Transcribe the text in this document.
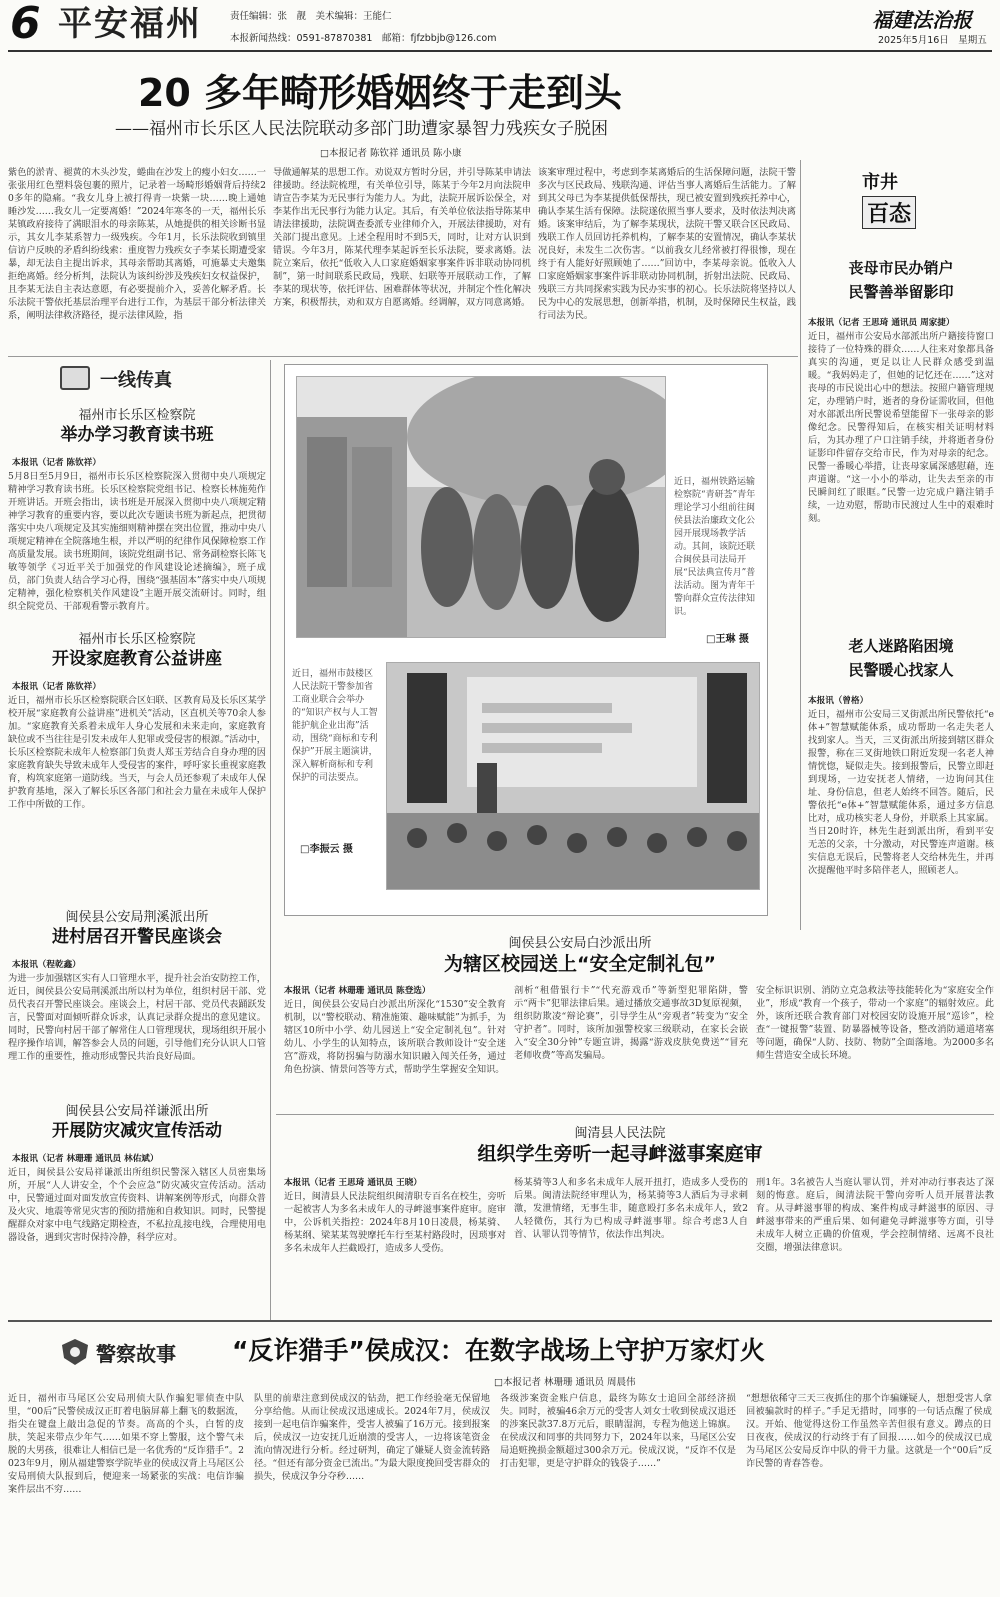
6 平安福州	责任编辑：张　靓　美术编辑：王能仁
本报新闻热线：0591-87870381　邮箱：fjfzbbjb@126.com
福建法治报
2025年5月16日　星期五
20 多年畸形婚姻终于走到头
——福州市长乐区人民法院联动多部门助遭家暴智力残疾女子脱困
□本报记者 陈钦祥 通讯员 陈小康
紫色的淤青、褪黄的木头沙发，蜷曲在沙发上的瘦小妇女……一张张用红色塑料袋包裹的照片，记录着一场畸形婚姻背后持续20多年的隐痛。“我女儿身上被打得青一块紫一块……晚上通她睡沙发……我女儿一定要离婚！”2024年寒冬的一天，福州长乐某镇政府接待了满眼泪水的母亲陈某，从她提供的相关诊断书显示，其女儿李某系智力一级残疾。今年1月，长乐法院收到镇里信访户反映的矛盾纠纷线索：重度智力残疾女子李某长期遭受家暴，却无法自主提出诉求，其母亲帮助其离婚，可施暴丈夫邀集拒绝离婚。经分析判，法院认为该纠纷涉及残疾妇女权益保护，且李某无法自主表达意愿，有必要提前介入，妥善化解矛盾。长乐法院干警依托基层治理平台进行工作，为基层干部分析法律关系，阐明法律救济路径，提示法律风险，指
导做通解某的思想工作。劝说双方暂时分居，并引导陈某申请法律援助。经法院梳理，有关单位引导，陈某于今年2月向法院申请宣告李某为无民事行为能力人。为此，法院开展诉讼保全，对李某作出无民事行为能力认定。其后，有关单位依法指导陈某申请法律援助，法院调查委派专业律师介入，开展法律援助，对有关部门提出意见。上述全程用时不到5天，同时，让对方认识到错误。今年3月，陈某代理李某起诉至长乐法院，要求离婚。法院立案后，依托“低收入人口家庭婚姻家事案件诉非联动协同机制”，第一时间联系民政局，残联、妇联等开展联动工作，了解李某的现状等，依托评估、困难群体等状况，并制定个性化解决方案，积极帮扶，劝和双方自愿离婚。经调解，双方同意离婚。
该案审理过程中，考虑到李某离婚后的生活保障问题，法院干警多次与区民政局、残联沟通、评估当事人离婚后生活能力。了解到其父母已为李某提供低保帮扶，现已被安置到残疾托养中心，确认李某生活有保障。法院遂依照当事人要求，及时依法判决离婚。该案审结后，为了解李某现状，法院干警又联合区民政局、残联工作人员回访托养机构，了解李某的安置情况，确认李某状况良好，未发生二次伤害。“以前我女儿经常被打得很惨，现在终于有人能好好照顾她了……”回访中，李某母亲说。低收入人口家庭婚姻家事案件诉非联动协同机制，折射出法院、民政局、残联三方共同探索实践为民办实事的初心。长乐法院将坚持以人民为中心的发展思想，创新举措，机制，及时保障民生权益，践行司法为民。
市井
百态
丧母市民办销户
民警善举留影印
本报讯（记者 王思琦 通讯员 周家捷）
近日，福州市公安局水部派出所户籍接待窗口接待了一位特殊的群众……人往来对象都具备真实的沟通，更足以让人民群众感受到温暖。“我妈妈走了，但她的记忆还在……”这对丧母的市民说出心中的想法。按照户籍管理规定，办理销户时，逝者的身份证需收回，但他对水部派出所民警说希望能留下一张母亲的影像纪念。民警得知后，在核实相关证明材料后，为其办理了户口注销手续，并将逝者身份证影印件留存交给市民，作为对母亲的纪念。民警一番暖心举措，让丧母家属深感慰藉，连声道谢。“这一小小的举动，让失去至亲的市民瞬间红了眼眶。”民警一边完成户籍注销手续，一边劝慰，帮助市民渡过人生中的艰难时刻。
老人迷路陷困境
民警暖心找家人
本报讯（曾格）
近日，福州市公安局三叉街派出所民警依托“e体+”智慧赋能体系，成功帮助一名走失老人找到家人。当天，三叉街派出所接到辖区群众报警，称在三叉街地铁口附近发现一名老人神情恍惚，疑似走失。接到报警后，民警立即赶到现场，一边安抚老人情绪，一边询问其住址、身份信息，但老人始终不回答。随后，民警依托“e体+”智慧赋能体系，通过多方信息比对，成功核实老人身份，并联系上其家属。当日20时许，林先生赶到派出所，看到平安无恙的父亲，十分激动，对民警连声道谢。核实信息无误后，民警将老人交给林先生，并再次提醒他平时多陪伴老人，照顾老人。
一线传真
福州市长乐区检察院
举办学习教育读书班
本报讯（记者 陈钦祥）
5月8日至5月9日，福州市长乐区检察院深入贯彻中央八项规定精神学习教育读书班。长乐区检察院党组书记、检察长林施苑作开班讲话。开班会指出，读书班是开展深入贯彻中央八项规定精神学习教育的重要内容，要以此次专题读书班为新起点，把贯彻落实中央八项规定及其实施细则精神摆在突出位置，推动中央八项规定精神在全院落地生根，并以严明的纪律作风保障检察工作高质量发展。读书班期间，该院党组副书记、常务副检察长陈飞敏等领学《习近平关于加强党的作风建设论述摘编》，班子成员，部门负责人结合学习心得，围绕“强基固本”落实中央八项规定精神，强化检察机关作风建设”主题开展交流研讨。同时，组织全院党员、干部观看警示教育片。
福州市长乐区检察院
开设家庭教育公益讲座
本报讯（记者 陈钦祥）
近日，福州市长乐区检察院联合区妇联、区教育局及长乐区某学校开展“家庭教育公益讲座”进机关”活动，区直机关等70余人参加。“家庭教育关系着未成年人身心发展和未来走向，家庭教育缺位或不当往往是引发未成年人犯罪或受侵害的根源。”活动中，长乐区检察院未成年人检察部门负责人郑玉芳结合自身办理的因家庭教育缺失导致未成年人受侵害的案件，呼吁家长重视家庭教育，构筑家庭第一道防线。当天，与会人员还参观了未成年人保护教育基地，深入了解长乐区各部门和社会力量在未成年人保护工作中所做的工作。
闽侯县公安局荆溪派出所
进村居召开警民座谈会
本报讯（程乾鑫）
为进一步加强辖区实有人口管理水平，提升社会治安防控工作，近日，闽侯县公安局荆溪派出所以村为单位，组织村居干部、党员代表召开警民座谈会。座谈会上，村居干部、党员代表踊跃发言，民警面对面倾听群众诉求，认真记录群众提出的意见建议。同时，民警向村居干部了解常住人口管理现状，现场组织开展小程序操作培训，解答参会人员的问题，引导他们充分认识人口管理工作的重要性，推动形成警民共治良好局面。
闽侯县公安局祥谦派出所
开展防灾减灾宣传活动
本报讯（记者 林珊珊 通讯员 林佑斌）
近日，闽侯县公安局祥谦派出所组织民警深入辖区人员密集场所，开展“人人讲安全，个个会应急”防灾减灾宣传活动。活动中，民警通过面对面发放宣传资料、讲解案例等形式，向群众普及火灾、地震等常见灾害的预防措施和自救知识。同时，民警提醒群众对家中电气线路定期检查，不私拉乱接电线，合理使用电器设备，遇到灾害时保持冷静，科学应对。
近日，福州铁路运输检察院“青研荟”青年理论学习小组前往闽侯县法治廉政文化公园开展现场教学活动。其间，该院还联合闽侯县司法局开展“民法典宣传月”普法活动。图为青年干警向群众宣传法律知识。
□王琳 摄
近日，福州市鼓楼区人民法院干警参加省工商业联合会举办的“知识产权与人工智能护航企业出海”活动，围绕“商标和专利保护”开展主题演讲，深入解析商标和专利保护的司法要点。
□李振云 摄
闽侯县公安局白沙派出所
为辖区校园送上“安全定制礼包”
本报讯（记者 林珊珊 通讯员 陈登选）
近日，闽侯县公安局白沙派出所深化“1530”安全教育机制，以“警校联动、精准施策、趣味赋能”为抓手，为辖区10所中小学、幼儿园送上“安全定制礼包”。针对幼儿、小学生的认知特点，该所联合教师设计“安全迷宫”游戏，将防拐骗与防溺水知识融入闯关任务，通过角色扮演、情景问答等方式，帮助学生掌握安全知识。
剖析“租借银行卡”“代充游戏币”等新型犯罪陷阱，警示“两卡”犯罪法律后果。通过播放交通事故3D复原视频，组织防欺凌“辩论赛”，引导学生从“旁观者”转变为“安全守护者”。同时，该所加强警校家三级联动，在家长会嵌入“安全30分钟”专题宣讲，揭露“游戏皮肤免费送”“冒充老师收费”等高发骗局。
安全标识识别、消防立克急救法等技能转化为“家庭安全作业”，形成“教育一个孩子，带动一个家庭”的辐射效应。此外，该所还联合教育部门对校园安防设施开展“巡诊”，检查“一键报警”装置、防暴器械等设备，整改消防通道堵塞等问题，确保“人防、技防、物防”全面落地。为2000多名师生营造安全成长环境。
闽清县人民法院
组织学生旁听一起寻衅滋事案庭审
本报讯（记者 王思琦 通讯员 王晓）
近日，闽清县人民法院组织闽清职专百名在校生，旁听一起被害人为多名未成年人的寻衅滋事案件庭审。庭审中，公诉机关指控：2024年8月10日凌晨，杨某骑、杨某纲、梁某某驾驶摩托车行至某村路段时，因琐事对多名未成年人拦截殴打，造成多人受伤。
杨某骑等3人和多名未成年人展开扭打，造成多人受伤的后果。闽清法院经审理认为，杨某骑等3人酒后为寻求刺激，发泄情绪，无事生非，随意殴打多名未成年人，致2人轻微伤，其行为已构成寻衅滋事罪。综合考虑3人自首、认罪认罚等情节，依法作出判决。
刑1年。3名被告人当庭认罪认罚，并对冲动行事表达了深刻的悔意。庭后，闽清法院干警向旁听人员开展普法教育。从寻衅滋事罪的构成、案件构成寻衅滋事的原因、寻衅滋事带来的严重后果、如何避免寻衅滋事等方面，引导未成年人树立正确的价值观，学会控制情绪、远离不良社交圈，增强法律意识。
警察故事 “反诈猎手”侯成汉：在数字战场上守护万家灯火
□本报记者 林珊珊 通讯员 周晨伟
近日，福州市马尾区公安局刑侦大队作骗犯罪侦查中队里，“00后”民警侯成汉正盯着电脑屏幕上翻飞的数据流，指尖在键盘上敲出急促的节奏。高高的个头，白皙的皮肤，笑起来带点少年气……如果不穿上警服，这个警气未脱的大男孩，很难让人相信已是一名优秀的“反诈猎手”。2023年9月，刚从福建警察学院毕业的侯成汉背上马尾区公安局刑侦大队报到后，便迎来一场紧张的实战：电信诈骗案件层出不穷……
队里的前辈注意到侯成汉的钻劲，把工作经验毫无保留地分享给他。从而让侯成汉迅速成长。2024年7月，侯成汉接到一起电信诈骗案件，受害人被骗了16万元。接到报案后，侯成汉一边安抚几近崩溃的受害人，一边将该笔资金流向情况进行分析。经过研判，确定了嫌疑人资金流转路径。“但还有部分资金已流出。”为最大限度挽回受害群众的损失，侯成汉争分夺秒……
各级涉案资金账户信息，最终为陈女士追回全部经济损失。同时，被骗46余万元的受害人刘女士收到侯成汉退还的涉案民款37.8万元后，眼睛湿润，专程为他送上锦旗。在侯成汉和同事的共同努力下，2024年以来，马尾区公安局追赃挽损金额超过300余万元。侯成汉说，“反诈不仅是打击犯罪，更是守护群众的钱袋子……”
“想想依稀守三天三夜抓住的那个诈骗嫌疑人，想想受害人拿回被骗款时的样子。”手足无措时，同事的一句话点醒了侯成汉。开始、他觉得这份工作虽然辛苦但很有意义。蹲点的日日夜夜，侯成汉的行动终于有了回报……如今的侯成汉已成为马尾区公安局反诈中队的骨干力量。这就是一个“00后”反诈民警的青春答卷。
